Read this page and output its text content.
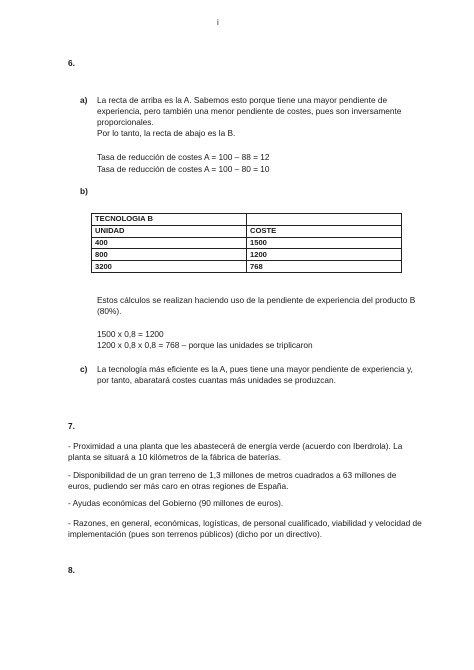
i
6.
a) La recta de arriba es la A. Sabemos esto porque tiene una mayor pendiente de
experiencia, pero también una menor pendiente de costes, pues son inversamente
proporcionales.
Por lo tanto, la recta de abajo es la B.
Tasa de reducción de costes A = 100 – 88 = 12
Tasa de reducción de costes A = 100 – 80 = 10
b)
TECNOLOGIA B	
UNIDAD	COSTE
400	1500
800	1200
3200	768
Estos cálculos se realizan haciendo uso de la pendiente de experiencia del producto B
(80%).
1500 x 0,8 = 1200
1200 x 0,8 x 0,8 = 768 – porque las unidades se triplicaron
c) La tecnología más eficiente es la A, pues tiene una mayor pendiente de experiencia y,
por tanto, abaratará costes cuantas más unidades se produzcan.
7.
- Proximidad a una planta que les abastecerá de energía verde (acuerdo con Iberdrola). La
planta se situará a 10 kilómetros de la fábrica de baterías.
- Disponibilidad de un gran terreno de 1,3 millones de metros cuadrados a 63 millones de
euros, pudiendo ser más caro en otras regiones de España.
- Ayudas económicas del Gobierno (90 millones de euros).
- Razones, en general, económicas, logísticas, de personal cualificado, viabilidad y velocidad de
implementación (pues son terrenos públicos) (dicho por un directivo).
8.
